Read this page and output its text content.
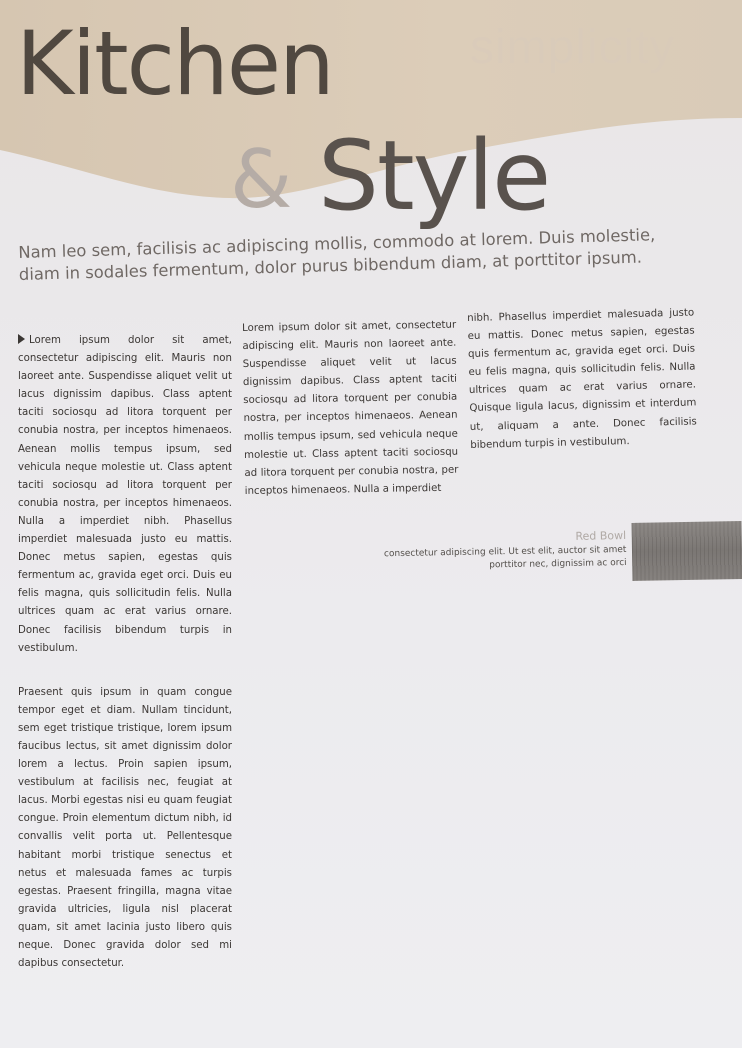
simplicity
Kitchen
& Style
Nam leo sem, facilisis ac adipiscing mollis, commodo at lorem. Duis molestie, diam in sodales fermentum, dolor purus bibendum diam, at porttitor ipsum.

Lorem ipsum dolor sit amet, consectetur adipiscing elit. Mauris non laoreet ante. Suspendisse aliquet velit ut lacus dignissim dapibus. Class aptent taciti sociosqu ad litora torquent per conubia nostra, per inceptos himenaeos. Aenean mollis tempus ipsum, sed vehicula neque molestie ut. Class aptent taciti sociosqu ad litora torquent per conubia nostra, per inceptos himenaeos. Nulla a imperdiet nibh. Phasellus imperdiet malesuada justo eu mattis. Donec metus sapien, egestas quis fermentum ac, gravida eget orci. Duis eu felis magna, quis sollicitudin felis. Nulla ultrices quam ac erat varius ornare. Donec facilisis bibendum turpis in vestibulum.

Praesent quis ipsum in quam congue tempor eget et diam. Nullam tincidunt, sem eget tristique tristique, lorem ipsum faucibus lectus, sit amet dignissim dolor lorem a lectus. Proin sapien ipsum, vestibulum at facilisis nec, feugiat at lacus. Morbi egestas nisi eu quam feugiat congue. Proin elementum dictum nibh, id convallis velit porta ut. Pellentesque habitant morbi tristique senectus et netus et malesuada fames ac turpis egestas. Praesent fringilla, magna vitae gravida ultricies, ligula nisl placerat quam, sit amet lacinia justo libero quis neque. Donec gravida dolor sed mi dapibus consectetur.

Lorem ipsum dolor sit amet, consectetur adipiscing elit. Mauris non laoreet ante. Suspendisse aliquet velit ut lacus dignissim dapibus. Class aptent taciti sociosqu ad litora torquent per conubia nostra, per inceptos himenaeos. Aenean mollis tempus ipsum, sed vehicula neque molestie ut. Class aptent taciti sociosqu ad litora torquent per conubia nostra, per inceptos himenaeos. Nulla a imperdiet

nibh. Phasellus imperdiet malesuada justo eu mattis. Donec metus sapien, egestas quis fermentum ac, gravida eget orci. Duis eu felis magna, quis sollicitudin felis. Nulla ultrices quam ac erat varius ornare. Quisque ligula lacus, dignissim et interdum ut, aliquam a ante. Donec facilisis bibendum turpis in vestibulum.

Red Bowl
consectetur adipiscing elit. Ut est elit, auctor sit amet porttitor nec, dignissim ac orci
